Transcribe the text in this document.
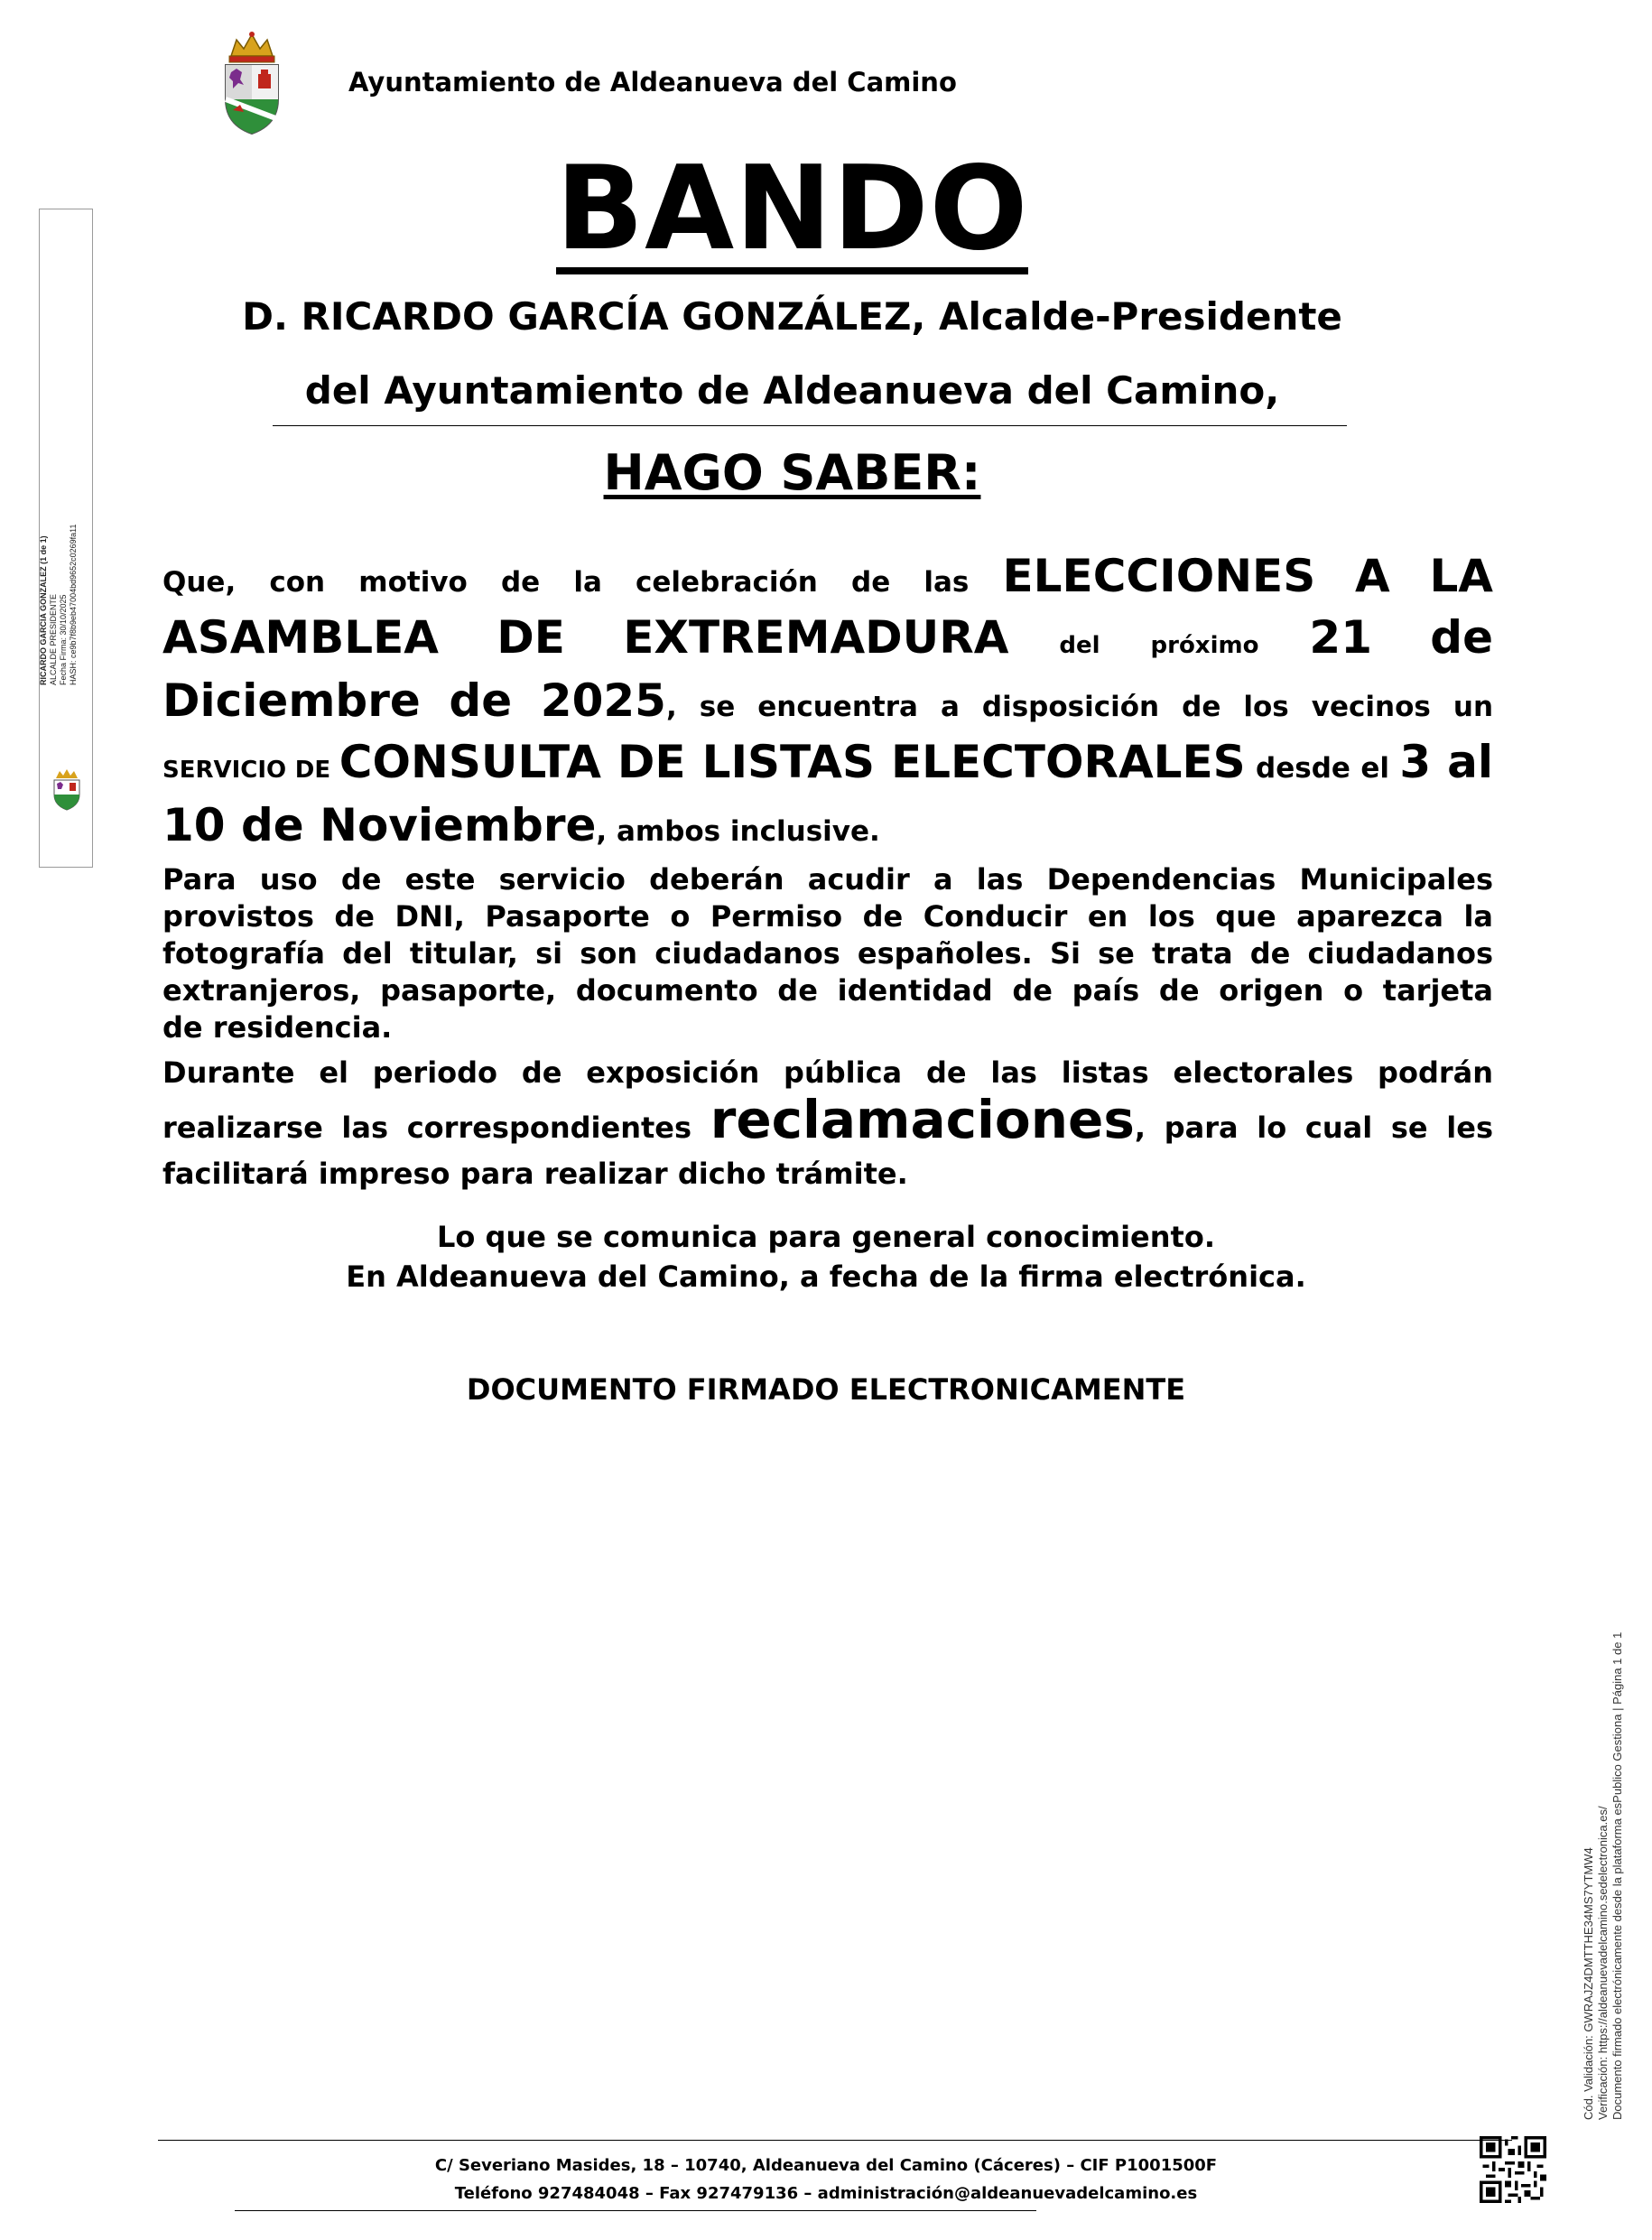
Ayuntamiento de Aldeanueva del Camino
RICARDO GARCIA GONZALEZ (1 de 1) ALCALDE PRESIDENTE Fecha Firma: 30/10/2025 HASH: ce9b7f8b9eb47004bd9652c0269fa11
BANDO
D. RICARDO GARCÍA GONZÁLEZ, Alcalde-Presidente
del Ayuntamiento de Aldeanueva del Camino,
HAGO SABER:
Que, con motivo de la celebración de las ELECCIONES A LA ASAMBLEA DE EXTREMADURA del próximo 21 de Diciembre de 2025, se encuentra a disposición de los vecinos un SERVICIO DE CONSULTA DE LISTAS ELECTORALES desde el 3 al 10 de Noviembre, ambos inclusive.
Para uso de este servicio deberán acudir a las Dependencias Municipales
provistos de DNI, Pasaporte o Permiso de Conducir en los que aparezca la
fotografía del titular, si son ciudadanos españoles. Si se trata de ciudadanos
extranjeros, pasaporte, documento de identidad de país de origen o tarjeta
de residencia.
Durante el periodo de exposición pública de las listas electorales podrán
realizarse las correspondientes reclamaciones, para lo cual se les
facilitará impreso para realizar dicho trámite.
Lo que se comunica para general conocimiento.
En Aldeanueva del Camino, a fecha de la firma electrónica.
DOCUMENTO FIRMADO ELECTRONICAMENTE
Cód. Validación: GWRAJZ4DMTTHE34MS7YTMW4 Verificación: https://aldeanuevadelcamino.sedelectronica.es/ Documento firmado electrónicamente desde la plataforma esPublico Gestiona | Página 1 de 1
C/ Severiano Masides, 18 – 10740, Aldeanueva del Camino (Cáceres) – CIF P1001500F
Teléfono 927484048 – Fax 927479136 – administración@aldeanuevadelcamino.es
